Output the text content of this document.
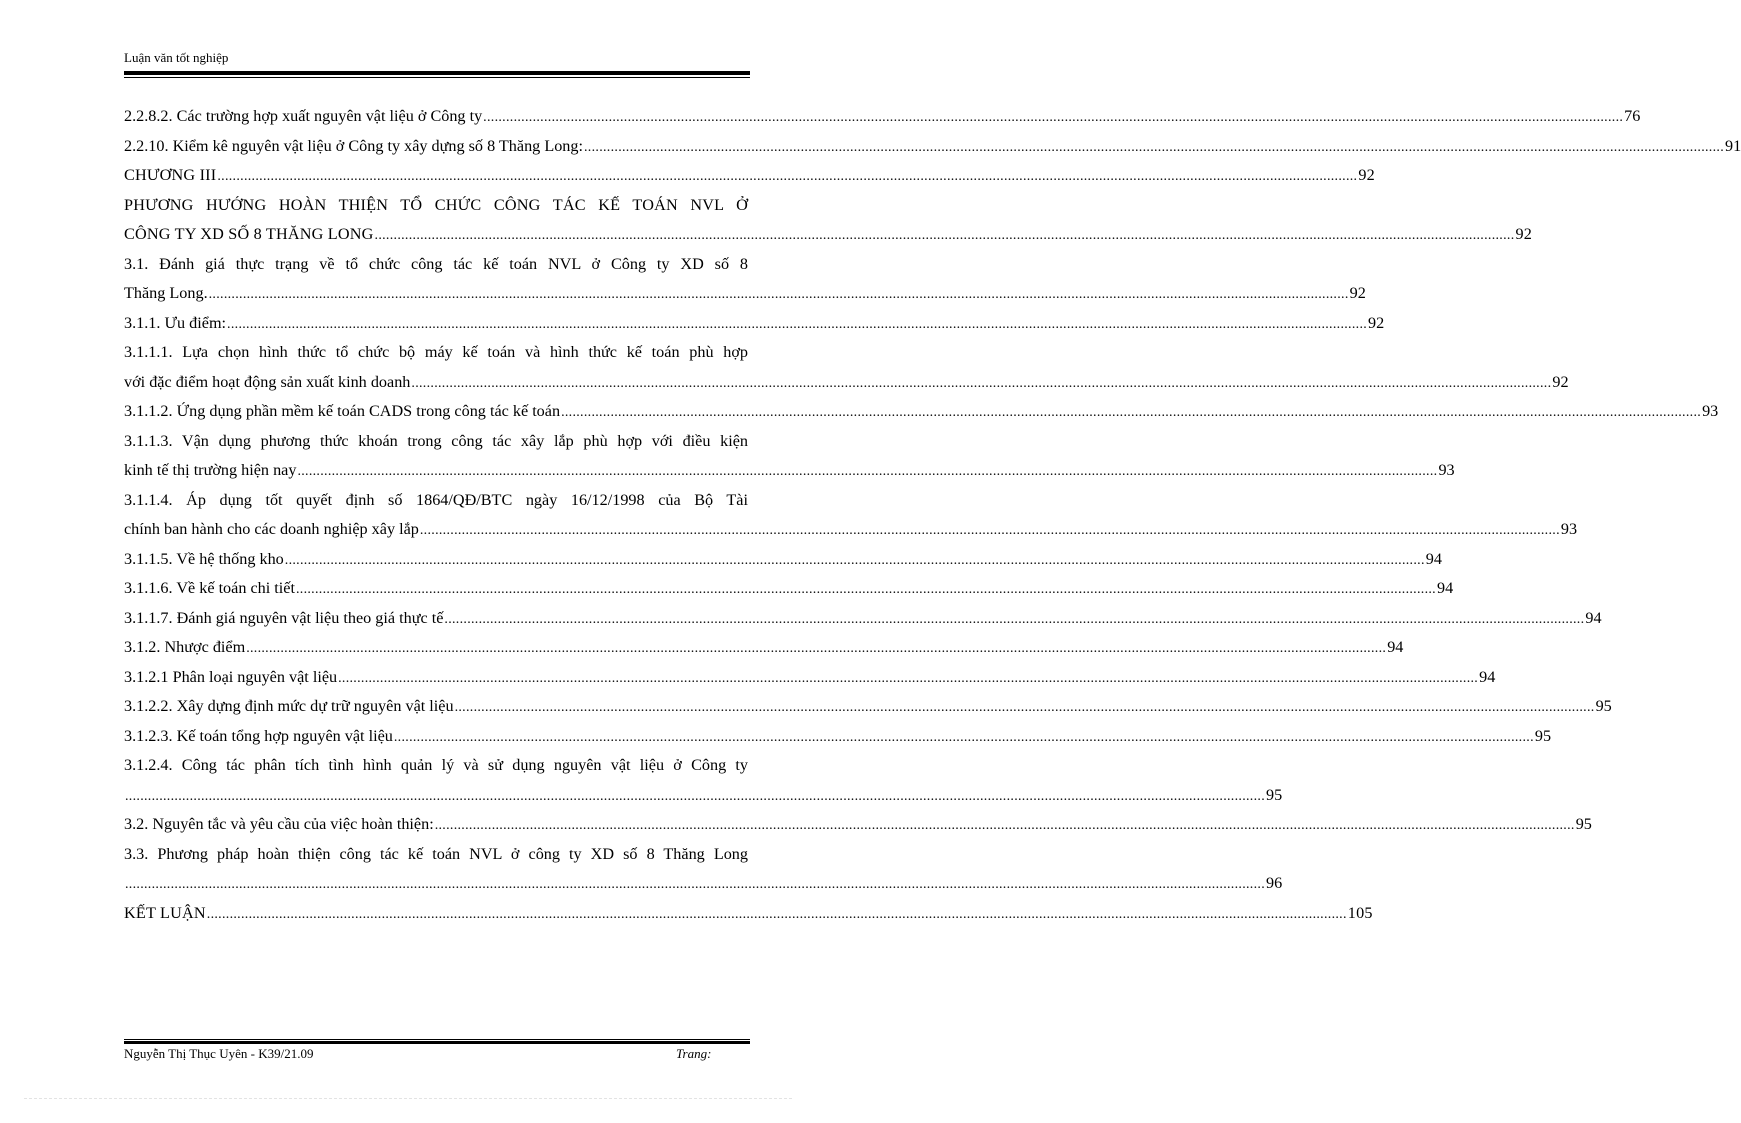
Luận văn tốt nghiệp
2.2.8.2. Các trường hợp xuất nguyên vật liệu ở Công ty ............................................................................................................................................................................................................................................................................................................ 76
2.2.10. Kiểm kê nguyên vật liệu ở Công ty xây dựng số 8 Thăng Long: ............................................................................................................................................................................................................................................................................................................ 91
CHƯƠNG III ............................................................................................................................................................................................................................................................................................................ 92
PHƯƠNG HƯỚNG HOÀN THIỆN TỔ CHỨC CÔNG TÁC KẾ TOÁN NVL Ở
CÔNG TY XD SỐ 8 THĂNG LONG ............................................................................................................................................................................................................................................................................................................ 92
3.1. Đánh giá thực trạng về tổ chức công tác kế toán NVL ở Công ty XD số 8
Thăng Long. ............................................................................................................................................................................................................................................................................................................ 92
3.1.1. Ưu điểm: ............................................................................................................................................................................................................................................................................................................ 92
3.1.1.1. Lựa chọn hình thức tổ chức bộ máy kế toán và hình thức kế toán phù hợp
với đặc điểm hoạt động sản xuất kinh doanh ............................................................................................................................................................................................................................................................................................................ 92
3.1.1.2. Ứng dụng phần mềm kế toán CADS trong công tác kế toán ............................................................................................................................................................................................................................................................................................................ 93
3.1.1.3. Vận dụng phương thức khoán trong công tác xây lắp phù hợp với điều kiện
kinh tế thị trường hiện nay ............................................................................................................................................................................................................................................................................................................ 93
3.1.1.4. Áp dụng tốt quyết định số 1864/QĐ/BTC ngày 16/12/1998 của Bộ Tài
chính ban hành cho các doanh nghiệp xây lắp ............................................................................................................................................................................................................................................................................................................ 93
3.1.1.5. Về hệ thống kho ............................................................................................................................................................................................................................................................................................................ 94
3.1.1.6. Về kế toán chi tiết ............................................................................................................................................................................................................................................................................................................ 94
3.1.1.7. Đánh giá nguyên vật liệu theo giá thực tế ............................................................................................................................................................................................................................................................................................................ 94
3.1.2. Nhược điểm ............................................................................................................................................................................................................................................................................................................ 94
3.1.2.1 Phân loại nguyên vật liệu ............................................................................................................................................................................................................................................................................................................ 94
3.1.2.2. Xây dựng định mức dự trữ nguyên vật liệu ............................................................................................................................................................................................................................................................................................................ 95
3.1.2.3. Kế toán tổng hợp nguyên vật liệu ............................................................................................................................................................................................................................................................................................................ 95
3.1.2.4. Công tác phân tích tình hình quản lý và sử dụng nguyên vật liệu ở Công ty
............................................................................................................................................................................................................................................................................................................ 95
3.2. Nguyên tắc và yêu cầu của việc hoàn thiện: ............................................................................................................................................................................................................................................................................................................ 95
3.3. Phương pháp hoàn thiện công tác kế toán NVL ở công ty XD số 8 Thăng Long
............................................................................................................................................................................................................................................................................................................ 96
KẾT LUẬN ............................................................................................................................................................................................................................................................................................................ 105
Nguyễn Thị Thục Uyên - K39/21.09	Trang:
